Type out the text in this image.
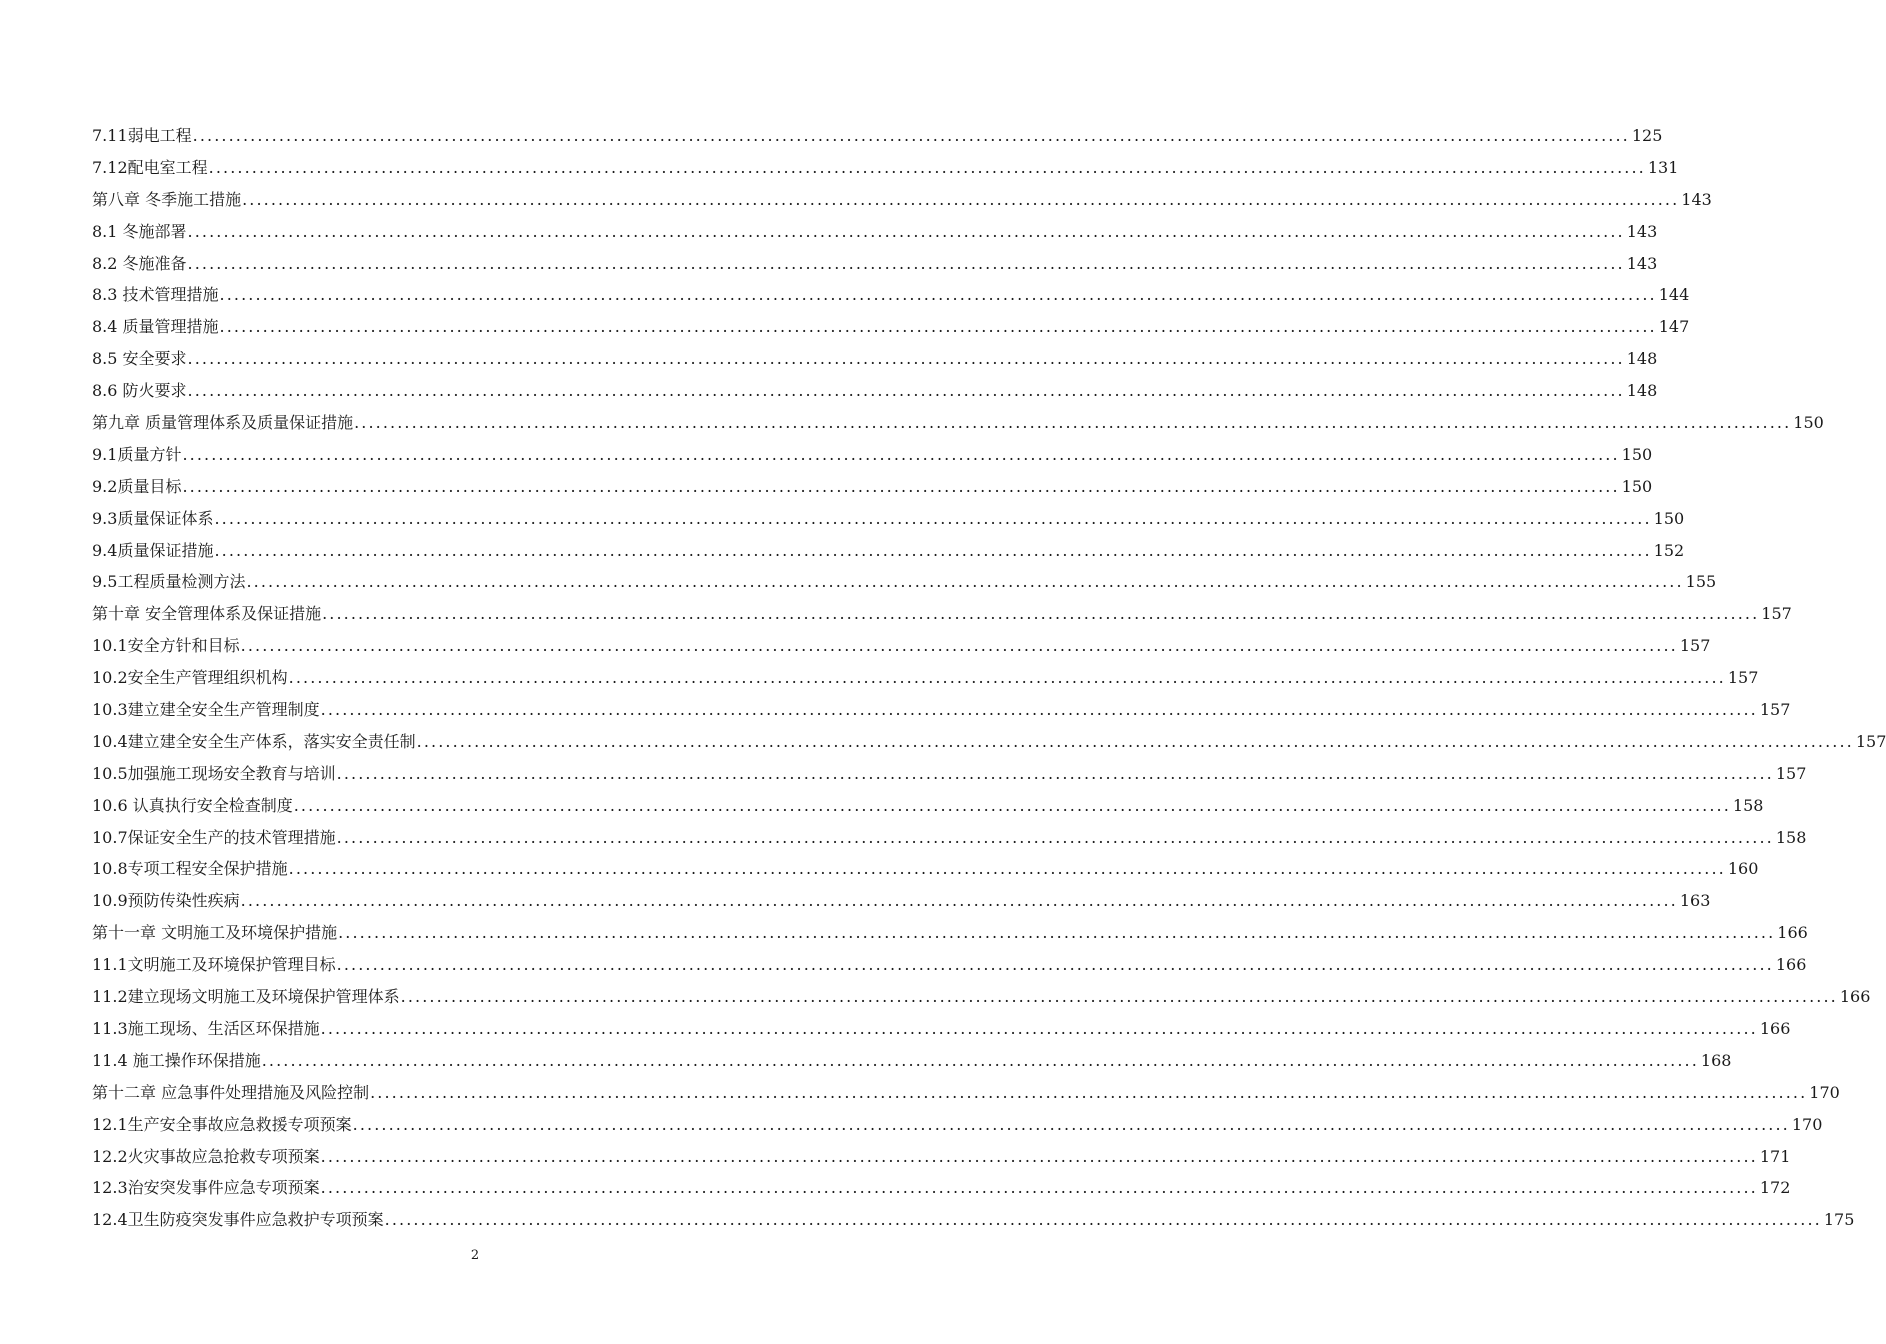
7.11弱电工程 ........................................................................................................................................................................................................ 125
7.12配电室工程 ........................................................................................................................................................................................................ 131
第八章 冬季施工措施 ........................................................................................................................................................................................................ 143
8.1 冬施部署 ........................................................................................................................................................................................................ 143
8.2 冬施准备 ........................................................................................................................................................................................................ 143
8.3 技术管理措施 ........................................................................................................................................................................................................ 144
8.4 质量管理措施 ........................................................................................................................................................................................................ 147
8.5 安全要求 ........................................................................................................................................................................................................ 148
8.6 防火要求 ........................................................................................................................................................................................................ 148
第九章 质量管理体系及质量保证措施 ........................................................................................................................................................................................................ 150
9.1质量方针 ........................................................................................................................................................................................................ 150
9.2质量目标 ........................................................................................................................................................................................................ 150
9.3质量保证体系 ........................................................................................................................................................................................................ 150
9.4质量保证措施 ........................................................................................................................................................................................................ 152
9.5工程质量检测方法 ........................................................................................................................................................................................................ 155
第十章 安全管理体系及保证措施 ........................................................................................................................................................................................................ 157
10.1安全方针和目标 ........................................................................................................................................................................................................ 157
10.2安全生产管理组织机构 ........................................................................................................................................................................................................ 157
10.3建立建全安全生产管理制度 ........................................................................................................................................................................................................ 157
10.4建立建全安全生产体系，落实安全责任制 ........................................................................................................................................................................................................ 157
10.5加强施工现场安全教育与培训 ........................................................................................................................................................................................................ 157
10.6 认真执行安全检查制度 ........................................................................................................................................................................................................ 158
10.7保证安全生产的技术管理措施 ........................................................................................................................................................................................................ 158
10.8专项工程安全保护措施 ........................................................................................................................................................................................................ 160
10.9预防传染性疾病 ........................................................................................................................................................................................................ 163
第十一章 文明施工及环境保护措施 ........................................................................................................................................................................................................ 166
11.1文明施工及环境保护管理目标 ........................................................................................................................................................................................................ 166
11.2建立现场文明施工及环境保护管理体系 ........................................................................................................................................................................................................ 166
11.3施工现场、生活区环保措施 ........................................................................................................................................................................................................ 166
11.4 施工操作环保措施 ........................................................................................................................................................................................................ 168
第十二章 应急事件处理措施及风险控制 ........................................................................................................................................................................................................ 170
12.1生产安全事故应急救援专项预案 ........................................................................................................................................................................................................ 170
12.2火灾事故应急抢救专项预案 ........................................................................................................................................................................................................ 171
12.3治安突发事件应急专项预案 ........................................................................................................................................................................................................ 172
12.4卫生防疫突发事件应急救护专项预案 ........................................................................................................................................................................................................ 175
2
